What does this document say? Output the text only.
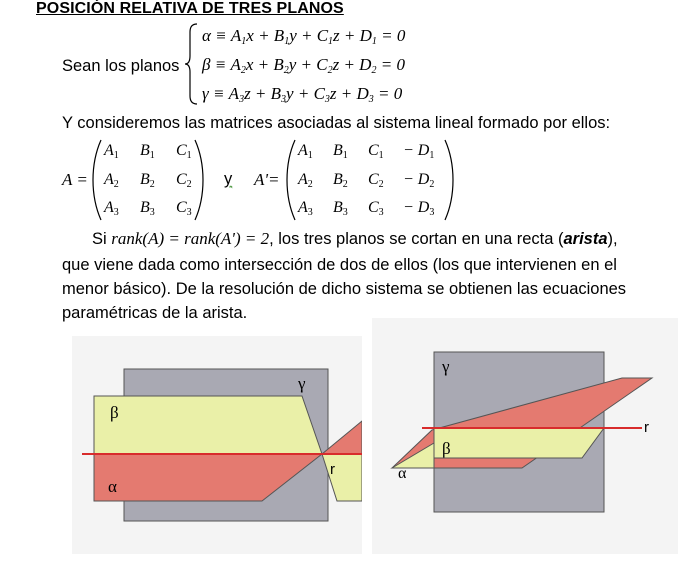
POSICIÓN RELATIVA DE TRES PLANOS
Sean los planos
$\alpha \equiv A_1x + B_1y + C_1z + D_1 = 0$
$\beta \equiv A_2x + B_2y + C_2z + D_2 = 0$
$\gamma \equiv A_3z + B_3y + C_3z + D_3 = 0$
Y consideremos las matrices asociadas al sistema lineal formado por ellos:
A =
$A_1$ $B_1$ $C_1$
$A_2$ $B_2$ $C_2$
$A_3$ $B_3$ $C_3$
y A'=
$A_1$ $B_1$ $C_1 - D_1$
$A_2$ $B_2$ $C_2 - D_2$
$A_3$ $B_3$ $C_3 - D_3$
Si rank(A) = rank(A') = 2, los tres planos se cortan en una recta (arista),
que viene dada como intersección de dos de ellos (los que intervienen en el
menor básico). De la resolución de dicho sistema se obtienen las ecuaciones
paramétricas de la arista.
γ
β
α
r
γ
β
α
r
